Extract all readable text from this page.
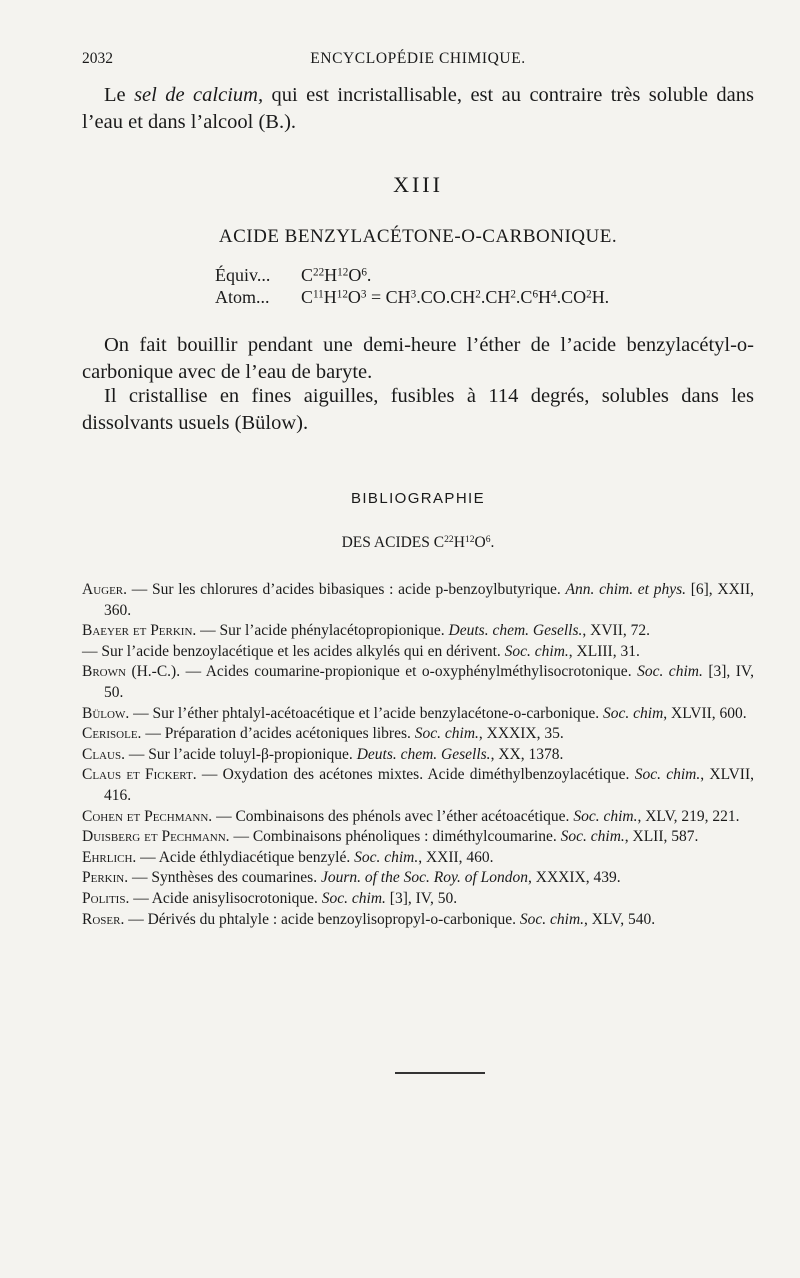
2032	ENCYCLOPÉDIE CHIMIQUE.
Le sel de calcium, qui est incristallisable, est au contraire très soluble dans l’eau et dans l’alcool (B.).
XIII
ACIDE BENZYLACÉTONE-O-CARBONIQUE.
Équiv... $C^{22}H^{12}O^6$.
Atom... $C^{11}H^{12}O^3 = CH^3.CO.CH^2.CH^2.C^6H^4.CO^2H$.
On fait bouillir pendant une demi-heure l’éther de l’acide benzylacétyl-o-carbonique avec de l’eau de baryte.
Il cristallise en fines aiguilles, fusibles à 114 degrés, solubles dans les dissolvants usuels (Bülow).
BIBLIOGRAPHIE
DES ACIDES $C^{22}H^{12}O^6$.
Auger. — Sur les chlorures d’acides bibasiques : acide p-benzoylbutyrique. Ann. chim. et phys. [6], XXII, 360.
Baeyer et Perkin. — Sur l’acide phénylacétopropionique. Deuts. chem. Gesells., XVII, 72.
— Sur l’acide benzoylacétique et les acides alkylés qui en dérivent. Soc. chim., XLIII, 31.
Brown (H.-C.). — Acides coumarine-propionique et o-oxyphénylméthylisocrotonique. Soc. chim. [3], IV, 50.
Bülow. — Sur l’éther phtalyl-acétoacétique et l’acide benzylacétone-o-carbonique. Soc. chim, XLVII, 600.
Cerisole. — Préparation d’acides acétoniques libres. Soc. chim., XXXIX, 35.
Claus. — Sur l’acide toluyl-β-propionique. Deuts. chem. Gesells., XX, 1378.
Claus et Fickert. — Oxydation des acétones mixtes. Acide diméthylbenzoylacétique. Soc. chim., XLVII, 416.
Cohen et Pechmann. — Combinaisons des phénols avec l’éther acétoacétique. Soc. chim., XLV, 219, 221.
Duisberg et Pechmann. — Combinaisons phénoliques : diméthylcoumarine. Soc. chim., XLII, 587.
Ehrlich. — Acide éthlydiacétique benzylé. Soc. chim., XXII, 460.
Perkin. — Synthèses des coumarines. Journ. of the Soc. Roy. of London, XXXIX, 439.
Politis. — Acide anisylisocrotonique. Soc. chim. [3], IV, 50.
Roser. — Dérivés du phtalyle : acide benzoylisopropyl-o-carbonique. Soc. chim., XLV, 540.
